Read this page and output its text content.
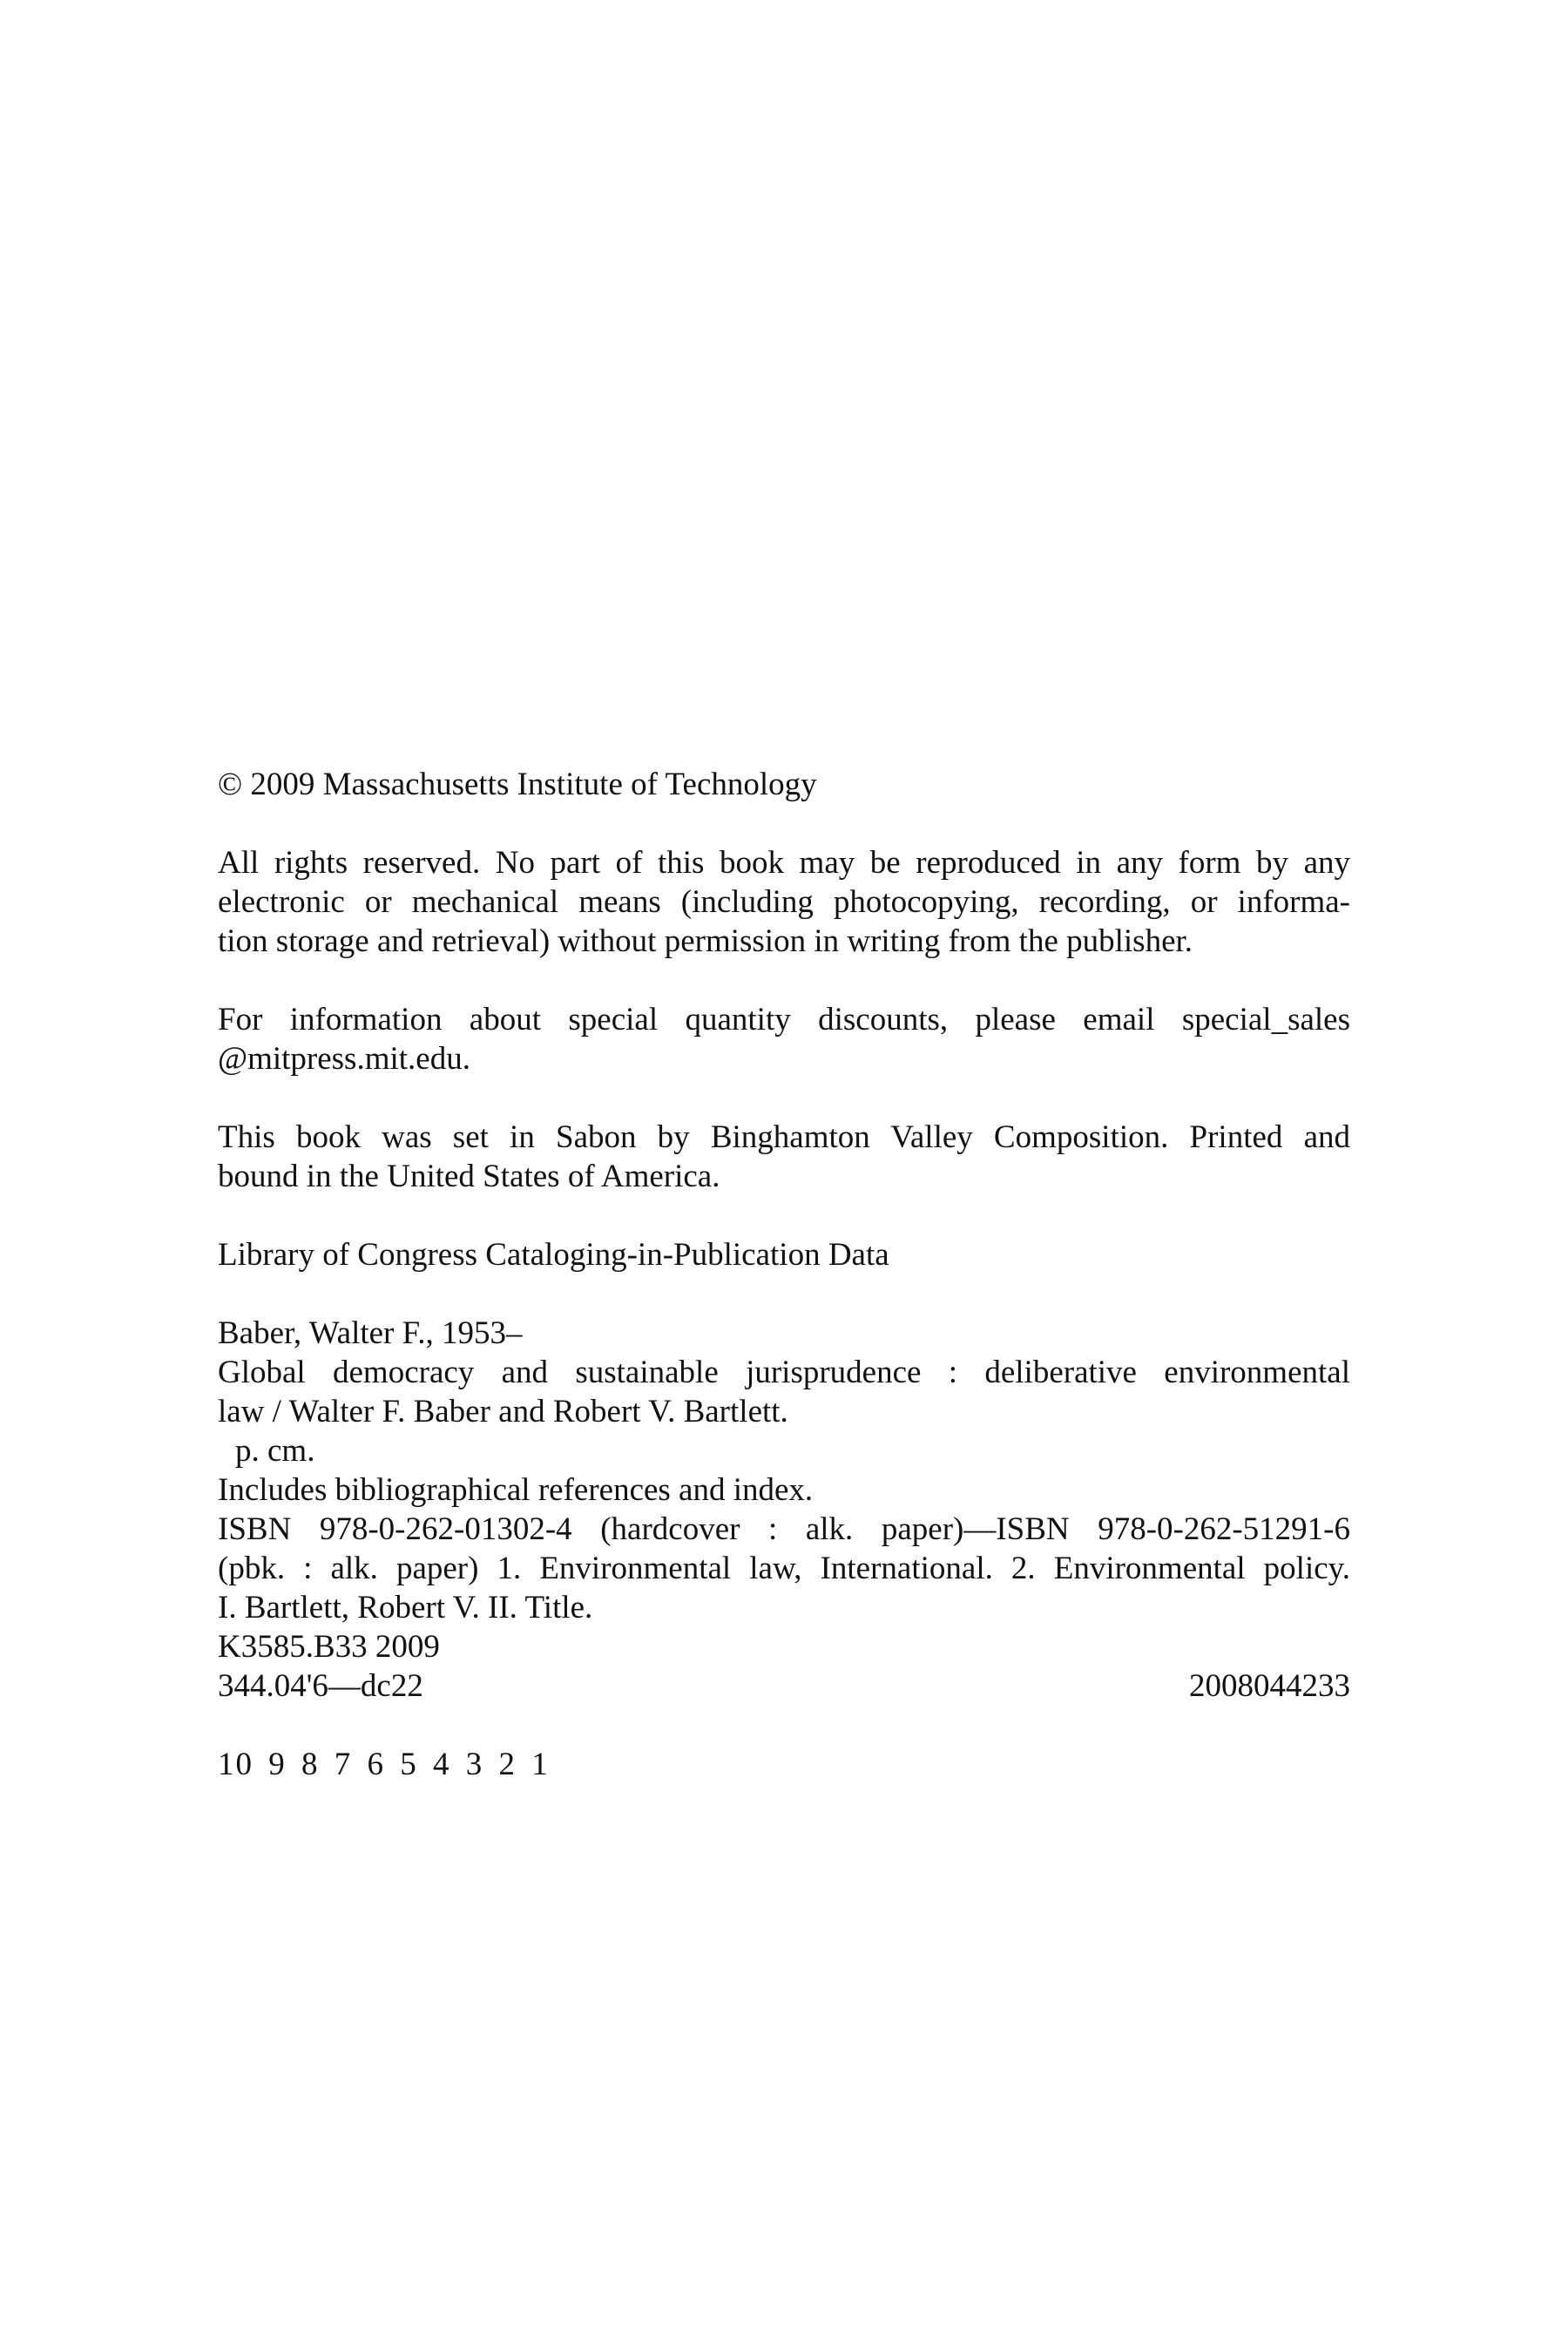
© 2009 Massachusetts Institute of Technology

All rights reserved. No part of this book may be reproduced in any form by any
electronic or mechanical means (including photocopying, recording, or informa-
tion storage and retrieval) without permission in writing from the publisher.

For information about special quantity discounts, please email special_sales
@mitpress.mit.edu.

This book was set in Sabon by Binghamton Valley Composition. Printed and
bound in the United States of America.

Library of Congress Cataloging-in-Publication Data

Baber, Walter F., 1953–
Global democracy and sustainable jurisprudence : deliberative environmental
law / Walter F. Baber and Robert V. Bartlett.
p. cm.
Includes bibliographical references and index.
ISBN 978-0-262-01302-4 (hardcover : alk. paper)—ISBN 978-0-262-51291-6
(pbk. : alk. paper) 1. Environmental law, International. 2. Environmental policy.
I. Bartlett, Robert V. II. Title.
K3585.B33 2009
344.04'6—dc22	2008044233

10 9 8 7 6 5 4 3 2 1
